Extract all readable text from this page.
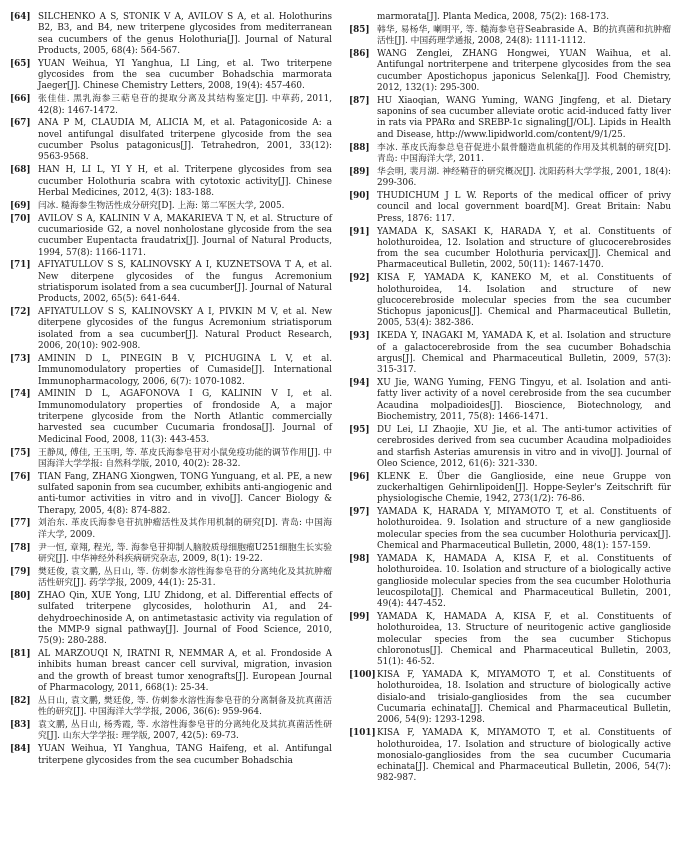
[64] SILCHENKO A S, STONIK V A, AVILOV S A, et al. Holothurins B2, B3, and B4, new triterpene glycosides from mediterranean sea cucumbers of the genus Holothuria[J]. Journal of Natural Products, 2005, 68(4): 564-567.
[65] YUAN Weihua, YI Yanghua, LI Ling, et al. Two triterpene glycosides from the sea cucumber Bohadschia marmorata Jaeger[J]. Chinese Chemistry Letters, 2008, 19(4): 457-460.
[66] 张佳佳. 黑乳海参三萜皂苷的提取分离及其结构鉴定[J]. 中草药, 2011, 42(8): 1467-1472.
[67] ANA P M, CLAUDIA M, ALICIA M, et al. Patagonicoside A: a novel antifungal disulfated triterpene glycoside from the sea cucumber Psolus patagonicus[J]. Tetrahedron, 2001, 33(12): 9563-9568.
[68] HAN H, LI L, YI Y H, et al. Triterpene glycosides from sea cucumber Holothuria scabra with cytotoxic activity[J]. Chinese Herbal Medicines, 2012, 4(3): 183-188.
[69] 闫冰. 糙海参生物活性成分研究[D]. 上海: 第二军医大学, 2005.
[70] AVILOV S A, KALININ V A, MAKARIEVA T N, et al. Structure of cucumarioside G2, a novel nonholostane glycoside from the sea cucumber Eupentacta fraudatrix[J]. Journal of Natural Products, 1994, 57(8): 1166-1171.
[71] AFIYATULLOV S S, KALINOVSKY A I, KUZNETSOVA T A, et al. New diterpene glycosides of the fungus Acremonium striatisporum isolated from a sea cucumber[J]. Journal of Natural Products, 2002, 65(5): 641-644.
[72] AFIYATULLOV S S, KALINOVSKY A I, PIVKIN M V, et al. New diterpene glycosides of the fungus Acremonium striatisporum isolated from a sea cucumber[J]. Natural Product Research, 2006, 20(10): 902-908.
[73] AMININ D L, PINEGIN B V, PICHUGINA L V, et al. Immunomodulatory properties of Cumaside[J]. International Immunopharmacology, 2006, 6(7): 1070-1082.
[74] AMININ D L, AGAFONOVA I G, KALININ V I, et al. Immunomodulatory properties of frondoside A, a major triterpene glycoside from the North Atlantic commercially harvested sea cucumber Cucumaria frondosa[J]. Journal of Medicinal Food, 2008, 11(3): 443-453.
[75] 王静凤, 傅佳, 王玉明, 等. 革皮氏海参皂苷对小鼠免疫功能的调节作用[J]. 中国海洋大学学报: 自然科学版, 2010, 40(2): 28-32.
[76] TIAN Fang, ZHANG Xiongwen, TONG Yunguang, et al. PE, a new sulfated saponin from sea cucumber, exhibits anti-angiogenic and anti-tumor activities in vitro and in vivo[J]. Cancer Biology & Therapy, 2005, 4(8): 874-882.
[77] 刘治东. 革皮氏海参皂苷抗肿瘤活性及其作用机制的研究[D]. 青岛: 中国海洋大学, 2009.
[78] 尹一恒, 章翔, 程光, 等. 海参皂苷抑制人脑胶质母细胞瘤U251细胞生长实验研究[J]. 中华神经外科疾病研究杂志, 2009, 8(1): 19-22.
[79] 樊廷俊, 袁文鹏, 丛日山, 等. 仿刺参水溶性海参皂苷的分离纯化及其抗肿瘤活性研究[J]. 药学学报, 2009, 44(1): 25-31.
[80] ZHAO Qin, XUE Yong, LIU Zhidong, et al. Differential effects of sulfated triterpene glycosides, holothurin A1, and 24-dehydroechinoside A, on antimetastasic activity via regulation of the MMP-9 signal pathway[J]. Journal of Food Science, 2010, 75(9): 280-288.
[81] AL MARZOUQI N, IRATNI R, NEMMAR A, et al. Frondoside A inhibits human breast cancer cell survival, migration, invasion and the growth of breast tumor xenografts[J]. European Journal of Pharmacology, 2011, 668(1): 25-34.
[82] 丛日山, 袁文鹏, 樊廷俊, 等. 仿刺参水溶性海参皂苷的分离制备及抗真菌活性的研究[J]. 中国海洋大学学报, 2006, 36(6): 959-964.
[83] 袁文鹏, 丛日山, 杨秀霞, 等. 水溶性海参皂苷的分离纯化及其抗真菌活性研究[J]. 山东大学学报: 理学版, 2007, 42(5): 69-73.
[84] YUAN Weihua, YI Yanghua, TANG Haifeng, et al. Antifungal triterpene glycosides from the sea cucumber Bohadschia
marmorata[J]. Planta Medica, 2008, 75(2): 168-173.
[85] 韩华, 易杨华, 喇明平, 等. 糙海参皂苷Seabraside A、B的抗真菌和抗肿瘤活性[J]. 中国药理学通报, 2008, 24(8): 1111-1112.
[86] WANG Zenglei, ZHANG Hongwei, YUAN Waihua, et al. Antifungal nortriterpene and triterpene glycosides from the sea cucumber Apostichopus japonicus Selenka[J]. Food Chemistry, 2012, 132(1): 295-300.
[87] HU Xiaoqian, WANG Yuming, WANG Jingfeng, et al. Dietary saponins of sea cucumber alleviate orotic acid-induced fatty liver in rats via PPARα and SREBP-1c signaling[J/OL]. Lipids in Health and Disease, http://www.lipidworld.com/content/9/1/25.
[88] 李冰. 革皮氏海参总皂苷促进小鼠骨髓造血机能的作用及其机制的研究[D]. 青岛: 中国海洋大学, 2011.
[89] 华会明, 裴月湖. 神经鞘苷的研究概况[J]. 沈阳药科大学学报, 2001, 18(4): 299-306.
[90] THUDICHUM J L W. Reports of the medical officer of privy council and local government board[M]. Great Britain: Nabu Press, 1876: 117.
[91] YAMADA K, SASAKI K, HARADA Y, et al. Constituents of holothuroidea, 12. Isolation and structure of glucocerebrosides from the sea cucumber Holothuria pervicax[J]. Chemical and Pharmaceutical Bulletin, 2002, 50(11): 1467-1470.
[92] KISA F, YAMADA K, KANEKO M, et al. Constituents of holothuroidea, 14. Isolation and structure of new glucocerebroside molecular species from the sea cucumber Stichopus japonicus[J]. Chemical and Pharmaceutical Bulletin, 2005, 53(4): 382-386.
[93] IKEDA Y, INAGAKI M, YAMADA K, et al. Isolation and structure of a galactocerebroside from the sea cucumber Bohadschia argus[J]. Chemical and Pharmaceutical Bulletin, 2009, 57(3): 315-317.
[94] XU Jie, WANG Yuming, FENG Tingyu, et al. Isolation and anti-fatty liver activity of a novel cerebroside from the sea cucumber Acaudina molpadioides[J]. Bioscience, Biotechnology, and Biochemistry, 2011, 75(8): 1466-1471.
[95] DU Lei, LI Zhaojie, XU Jie, et al. The anti-tumor activities of cerebrosides derived from sea cucumber Acaudina molpadioides and starfish Asterias amurensis in vitro and in vivo[J]. Journal of Oleo Science, 2012, 61(6): 321-330.
[96] KLENK E. Über die Ganglioside, eine neue Gruppe von zuckerhaltigen Gehirnlipoiden[J]. Hoppe-Seyler's Zeitschrift für physiologische Chemie, 1942, 273(1/2): 76-86.
[97] YAMADA K, HARADA Y, MIYAMOTO T, et al. Constituents of holothuroidea. 9. Isolation and structure of a new ganglioside molecular species from the sea cucumber Holothuria pervicax[J]. Chemical and Pharmaceutical Bulletin, 2000, 48(1): 157-159.
[98] YAMADA K, HAMADA A, KISA F, et al. Constituents of holothuroidea. 10. Isolation and structure of a biologically active ganglioside molecular species from the sea cucumber Holothuria leucospilota[J]. Chemical and Pharmaceutical Bulletin, 2001, 49(4): 447-452.
[99] YAMADA K, HAMADA A, KISA F, et al. Constituents of holothuroidea, 13. Structure of neuritogenic active ganglioside molecular species from the sea cucumber Stichopus chloronotus[J]. Chemical and Pharmaceutical Bulletin, 2003, 51(1): 46-52.
[100] KISA F, YAMADA K, MIYAMOTO T, et al. Constituents of holothuroidea, 18. Isolation and structure of biologically active disialo-and trisialo-gangliosides from the sea cucumber Cucumaria echinata[J]. Chemical and Pharmaceutical Bulletin, 2006, 54(9): 1293-1298.
[101] KISA F, YAMADA K, MIYAMOTO T, et al. Constituents of holothuroidea, 17. Isolation and structure of biologically active monosialo-gangliosides from the sea cucumber Cucumaria echinata[J]. Chemical and Pharmaceutical Bulletin, 2006, 54(7): 982-987.
